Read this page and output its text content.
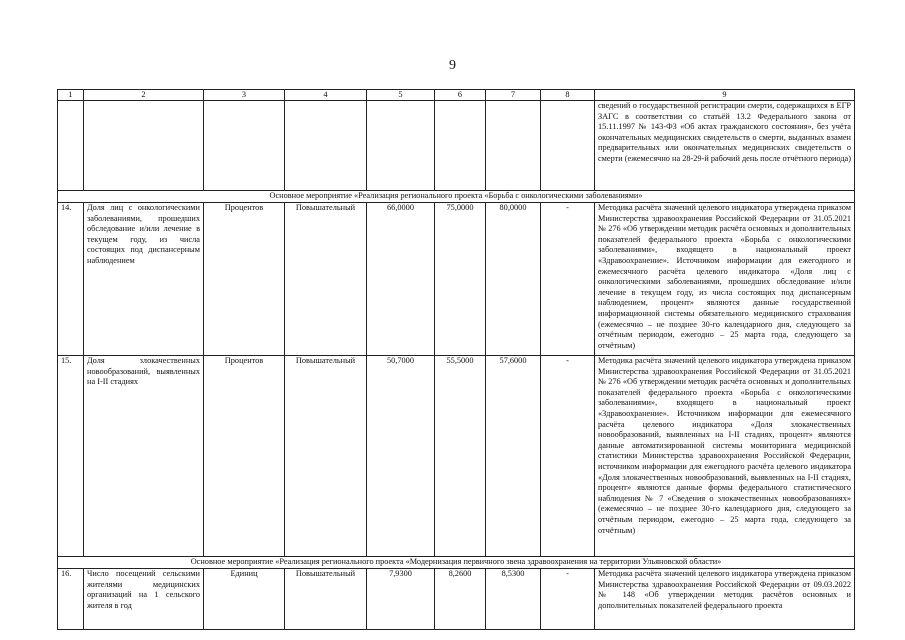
9
1	2	3	4	5	6	7	8	9
								сведений о государственной регистрации смерти, содержащихся в ЕГР ЗАГС в соответствии со статьёй 13.2 Федерального закона от 15.11.1997 № 143-ФЗ «Об актах гражданского состояния», без учёта окончательных медицинских свидетельств о смерти, выданных взамен предварительных или окончательных медицинских свидетельств о смерти (ежемесячно на 28-29-й рабочий день после отчётного периода)
Основное мероприятие «Реализация регионального проекта «Борьба с онкологическими заболеваниями»								
14.	Доля лиц с онкологическими заболеваниями, прошедших обследование и/или лечение в текущем году, из числа состоящих под диспансерным наблюдением	Процентов	Повышательный	66,0000	75,0000	80,0000	-	Методика расчёта значений целевого индикатора утверждена приказом Министерства здравоохранения Российской Федерации от 31.05.2021 № 276 «Об утверждении методик расчёта основных и дополнительных показателей федерального проекта «Борьба с онкологическими заболеваниями», входящего в национальный проект «Здравоохранение». Источником информации для ежегодного и ежемесячного расчёта целевого индикатора «Доля лиц с онкологическими заболеваниями, прошедших обследование и/или лечение в текущем году, из числа состоящих под диспансерным наблюдением, процент» являются данные государственной информационной системы обязательного медицинского страхования (ежемесячно – не позднее 30-го календарного дня, следующего за отчётным периодом, ежегодно – 25 марта года, следующего за отчётным)
15.	Доля злокачественных новообразований, выявленных на I-II стадиях	Процентов	Повышательный	50,7000	55,5000	57,6000	-	Методика расчёта значений целевого индикатора утверждена приказом Министерства здравоохранения Российской Федерации от 31.05.2021 № 276 «Об утверждении методик расчёта основных и дополнительных показателей федерального проекта «Борьба с онкологическими заболеваниями», входящего в национальный проект «Здравоохранение». Источником информации для ежемесячного расчёта целевого индикатора «Доля злокачественных новообразований, выявленных на I-II стадиях, процент» являются данные автоматизированной системы мониторинга медицинской статистики Министерства здравоохранения Российской Федерации, источником информации для ежегодного расчёта целевого индикатора «Доля злокачественных новообразований, выявленных на I-II стадиях, процент» являются данные формы федерального статистического наблюдения № 7 «Сведения о злокачественных новообразованиях» (ежемесячно – не позднее 30-го календарного дня, следующего за отчётным периодом, ежегодно – 25 марта года, следующего за отчётным)
Основное мероприятие «Реализация регионального проекта «Модернизация первичного звена здравоохранения на территории Ульяновской области»								
16.	Число посещений сельскими жителями медицинских организаций на 1 сельского жителя в год	Единиц	Повышательный	7,9300	8,2600	8,5300	-	Методика расчёта значений целевого индикатора утверждена приказом Министерства здравоохранения Российской Федерации от 09.03.2022 № 148 «Об утверждении методик расчётов основных и дополнительных показателей федерального проекта
